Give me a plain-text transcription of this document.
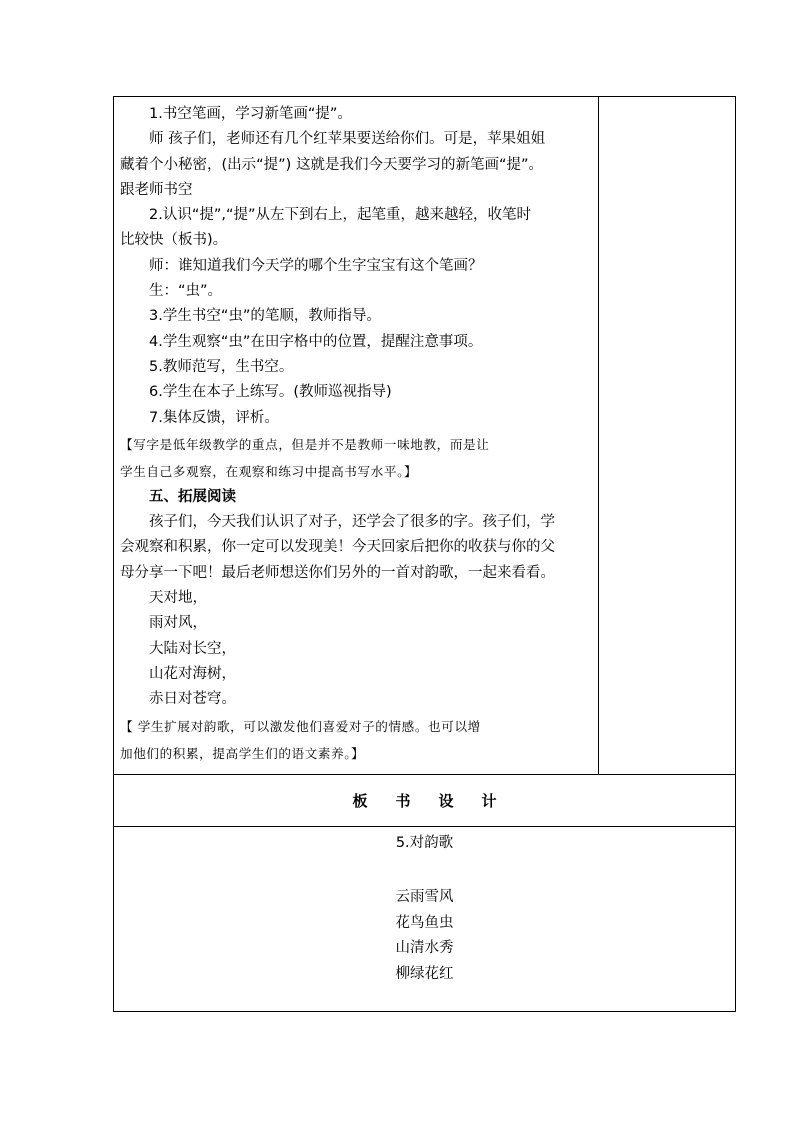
1.书空笔画，学习新笔画“提”。

师 孩子们，老师还有几个红苹果要送给你们。可是，苹果姐姐

藏着个小秘密，(出示“提”) 这就是我们今天要学习的新笔画“提”。

跟老师书空

2.认识“提”,“提”从左下到右上，起笔重，越来越轻，收笔时

比较快（板书)。

师：谁知道我们今天学的哪个生字宝宝有这个笔画？

生：“虫”。

3.学生书空“虫”的笔顺，教师指导。

4.学生观察“虫”在田字格中的位置，提醒注意事项。

5.教师范写，生书空。

6.学生在本子上练写。(教师巡视指导)

7.集体反馈，评析。

【写字是低年级教学的重点，但是并不是教师一味地教，而是让

学生自己多观察，在观察和练习中提高书写水平。】

五、拓展阅读

孩子们，今天我们认识了对子，还学会了很多的字。孩子们，学

会观察和积累，你一定可以发现美！今天回家后把你的收获与你的父

母分享一下吧！最后老师想送你们另外的一首对韵歌，一起来看看。

天对地，

雨对风，

大陆对长空，

山花对海树，

赤日对苍穹。

【 学生扩展对韵歌，可以激发他们喜爱对子的情感。也可以增

加他们的积累，提高学生们的语文素养。】

板 书 设 计
5.对韵歌
云雨雪风
花鸟鱼虫
山清水秀
柳绿花红
